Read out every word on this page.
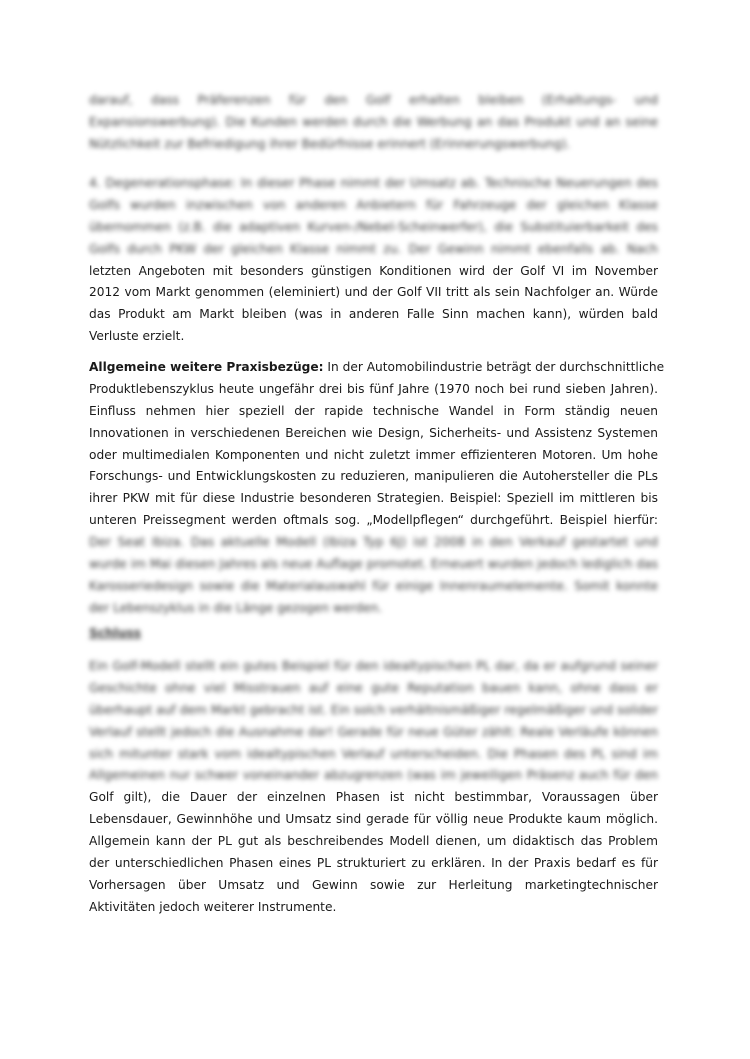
darauf, dass Präferenzen für den Golf erhalten bleiben (Erhaltungs- und
Expansionswerbung). Die Kunden werden durch die Werbung an das Produkt und an seine
Nützlichkeit zur Befriedigung ihrer Bedürfnisse erinnert (Erinnerungswerbung).
4. Degenerationsphase: In dieser Phase nimmt der Umsatz ab. Technische Neuerungen des
Golfs wurden inzwischen von anderen Anbietern für Fahrzeuge der gleichen Klasse
übernommen (z.B. die adaptiven Kurven-/Nebel-Scheinwerfer), die Substituierbarkeit des
Golfs durch PKW der gleichen Klasse nimmt zu. Der Gewinn nimmt ebenfalls ab. Nach
letzten Angeboten mit besonders günstigen Konditionen wird der Golf VI im November
2012 vom Markt genommen (eleminiert) und der Golf VII tritt als sein Nachfolger an. Würde
das Produkt am Markt bleiben (was in anderen Falle Sinn machen kann), würden bald
Verluste erzielt.
Allgemeine weitere Praxisbezüge: In der Automobilindustrie beträgt der durchschnittliche
Produktlebenszyklus heute ungefähr drei bis fünf Jahre (1970 noch bei rund sieben Jahren).
Einfluss nehmen hier speziell der rapide technische Wandel in Form ständig neuen
Innovationen in verschiedenen Bereichen wie Design, Sicherheits- und Assistenz Systemen
oder multimedialen Komponenten und nicht zuletzt immer effizienteren Motoren. Um hohe
Forschungs- und Entwicklungskosten zu reduzieren, manipulieren die Autohersteller die PLs
ihrer PKW mit für diese Industrie besonderen Strategien. Beispiel: Speziell im mittleren bis
unteren Preissegment werden oftmals sog. „Modellpflegen“ durchgeführt. Beispiel hierfür:
Der Seat Ibiza. Das aktuelle Modell (Ibiza Typ 6J) ist 2008 in den Verkauf gestartet und
wurde im Mai diesen Jahres als neue Auflage promotet. Erneuert wurden jedoch lediglich das
Karosseriedesign sowie die Materialauswahl für einige Innenraumelemente. Somit konnte
der Lebenszyklus in die Länge gezogen werden.
Schluss
Ein Golf-Modell stellt ein gutes Beispiel für den idealtypischen PL dar, da er aufgrund seiner
Geschichte ohne viel Misstrauen auf eine gute Reputation bauen kann, ohne dass er
überhaupt auf dem Markt gebracht ist. Ein solch verhältnismäßiger regelmäßiger und solider
Verlauf stellt jedoch die Ausnahme dar! Gerade für neue Güter zählt: Reale Verläufe können
sich mitunter stark vom idealtypischen Verlauf unterscheiden. Die Phasen des PL sind im
Allgemeinen nur schwer voneinander abzugrenzen (was im jeweiligen Präsenz auch für den
Golf gilt), die Dauer der einzelnen Phasen ist nicht bestimmbar, Voraussagen über
Lebensdauer, Gewinnhöhe und Umsatz sind gerade für völlig neue Produkte kaum möglich.
Allgemein kann der PL gut als beschreibendes Modell dienen, um didaktisch das Problem
der unterschiedlichen Phasen eines PL strukturiert zu erklären. In der Praxis bedarf es für
Vorhersagen über Umsatz und Gewinn sowie zur Herleitung marketingtechnischer
Aktivitäten jedoch weiterer Instrumente.
